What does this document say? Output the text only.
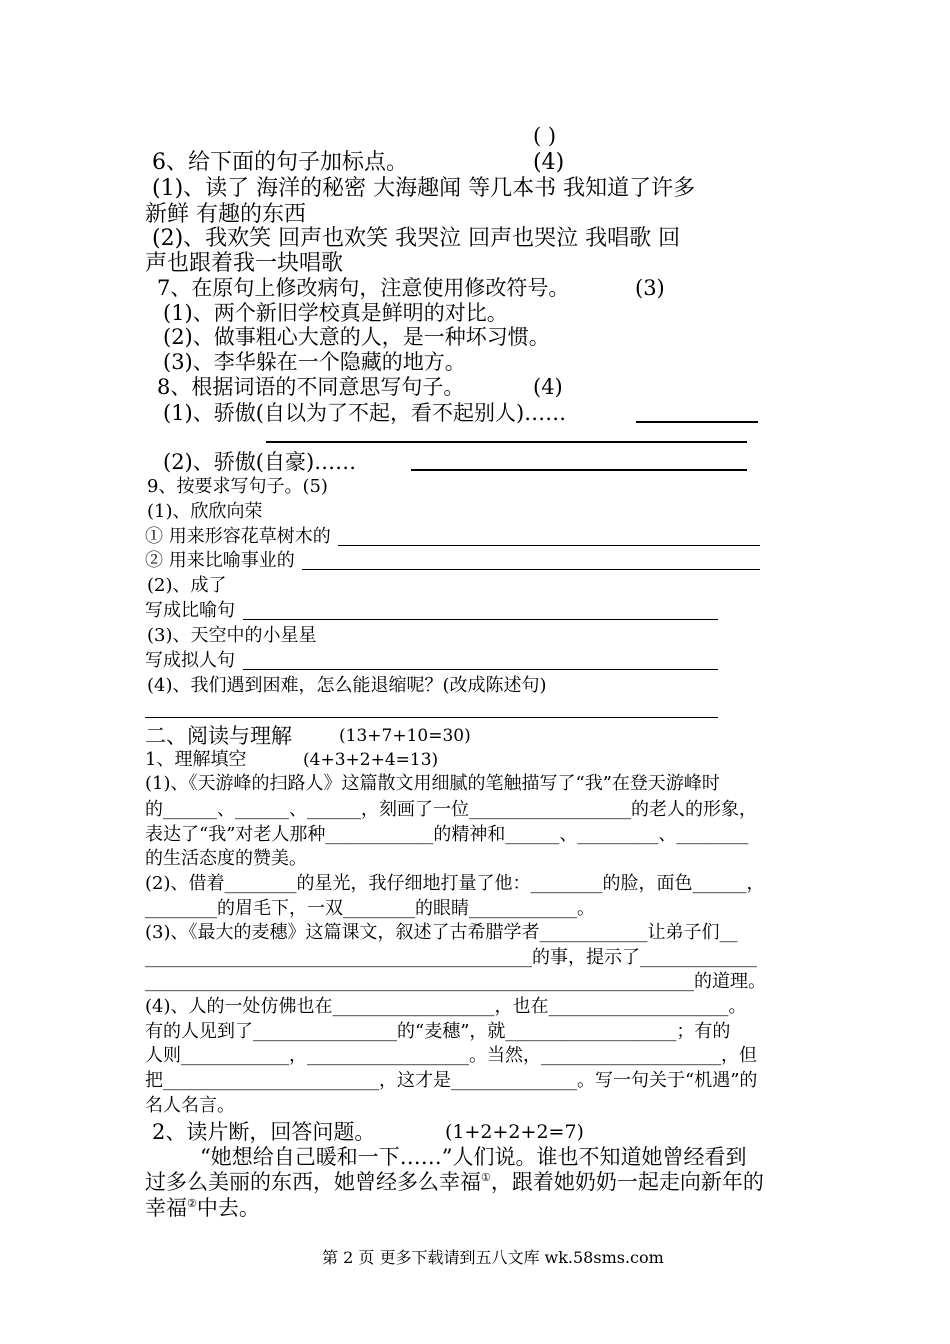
( )
6、给下面的句子加标点。	(4)
(1)、读了 海洋的秘密 大海趣闻 等几本书 我知道了许多
新鲜 有趣的东西
(2)、我欢笑 回声也欢笑 我哭泣 回声也哭泣 我唱歌 回
声也跟着我一块唱歌
7、在原句上修改病句，注意使用修改符号。	(3)
(1)、两个新旧学校真是鲜明的对比。
(2)、做事粗心大意的人，是一种坏习惯。
(3)、李华躲在一个隐藏的地方。
8、根据词语的不同意思写句子。	(4)
(1)、骄傲(自以为了不起，看不起别人)……
(2)、骄傲(自豪)……
9、按要求写句子。(5)
(1)、欣欣向荣
① 用来形容花草树木的
② 用来比喻事业的
(2)、成了
写成比喻句
(3)、天空中的小星星
写成拟人句
(4)、我们遇到困难，怎么能退缩呢？(改成陈述句)
二、阅读与理解	(13+7+10=30)
1、理解填空	(4+3+2+4=13)
(1)、《天游峰的扫路人》这篇散文用细腻的笔触描写了“我”在登天游峰时
的______、______、______，刻画了一位__________________的老人的形象，
表达了“我”对老人那种____________的精神和______、_________、________
的生活态度的赞美。
(2)、借着________的星光，我仔细地打量了他：________的脸，面色______，
________的眉毛下，一双________的眼睛____________。
(3)、《最大的麦穗》这篇课文，叙述了古希腊学者____________让弟子们__
___________________________________________的事，提示了_____________
_____________________________________________________________的道理。
(4)、人的一处仿佛也在__________________，也在____________________。
有的人见到了________________的“麦穗”，就___________________；有的
人则____________，__________________。当然，____________________，但
把________________________，这才是______________。写一句关于“机遇”的
名人名言。
2、读片断，回答问题。	(1+2+2+2=7)
“她想给自己暖和一下……”人们说。谁也不知道她曾经看到
过多么美丽的东西，她曾经多么幸福①，跟着她奶奶一起走向新年的
幸福②中去。
第 2 页 更多下载请到五八文库 wk.58sms.com
